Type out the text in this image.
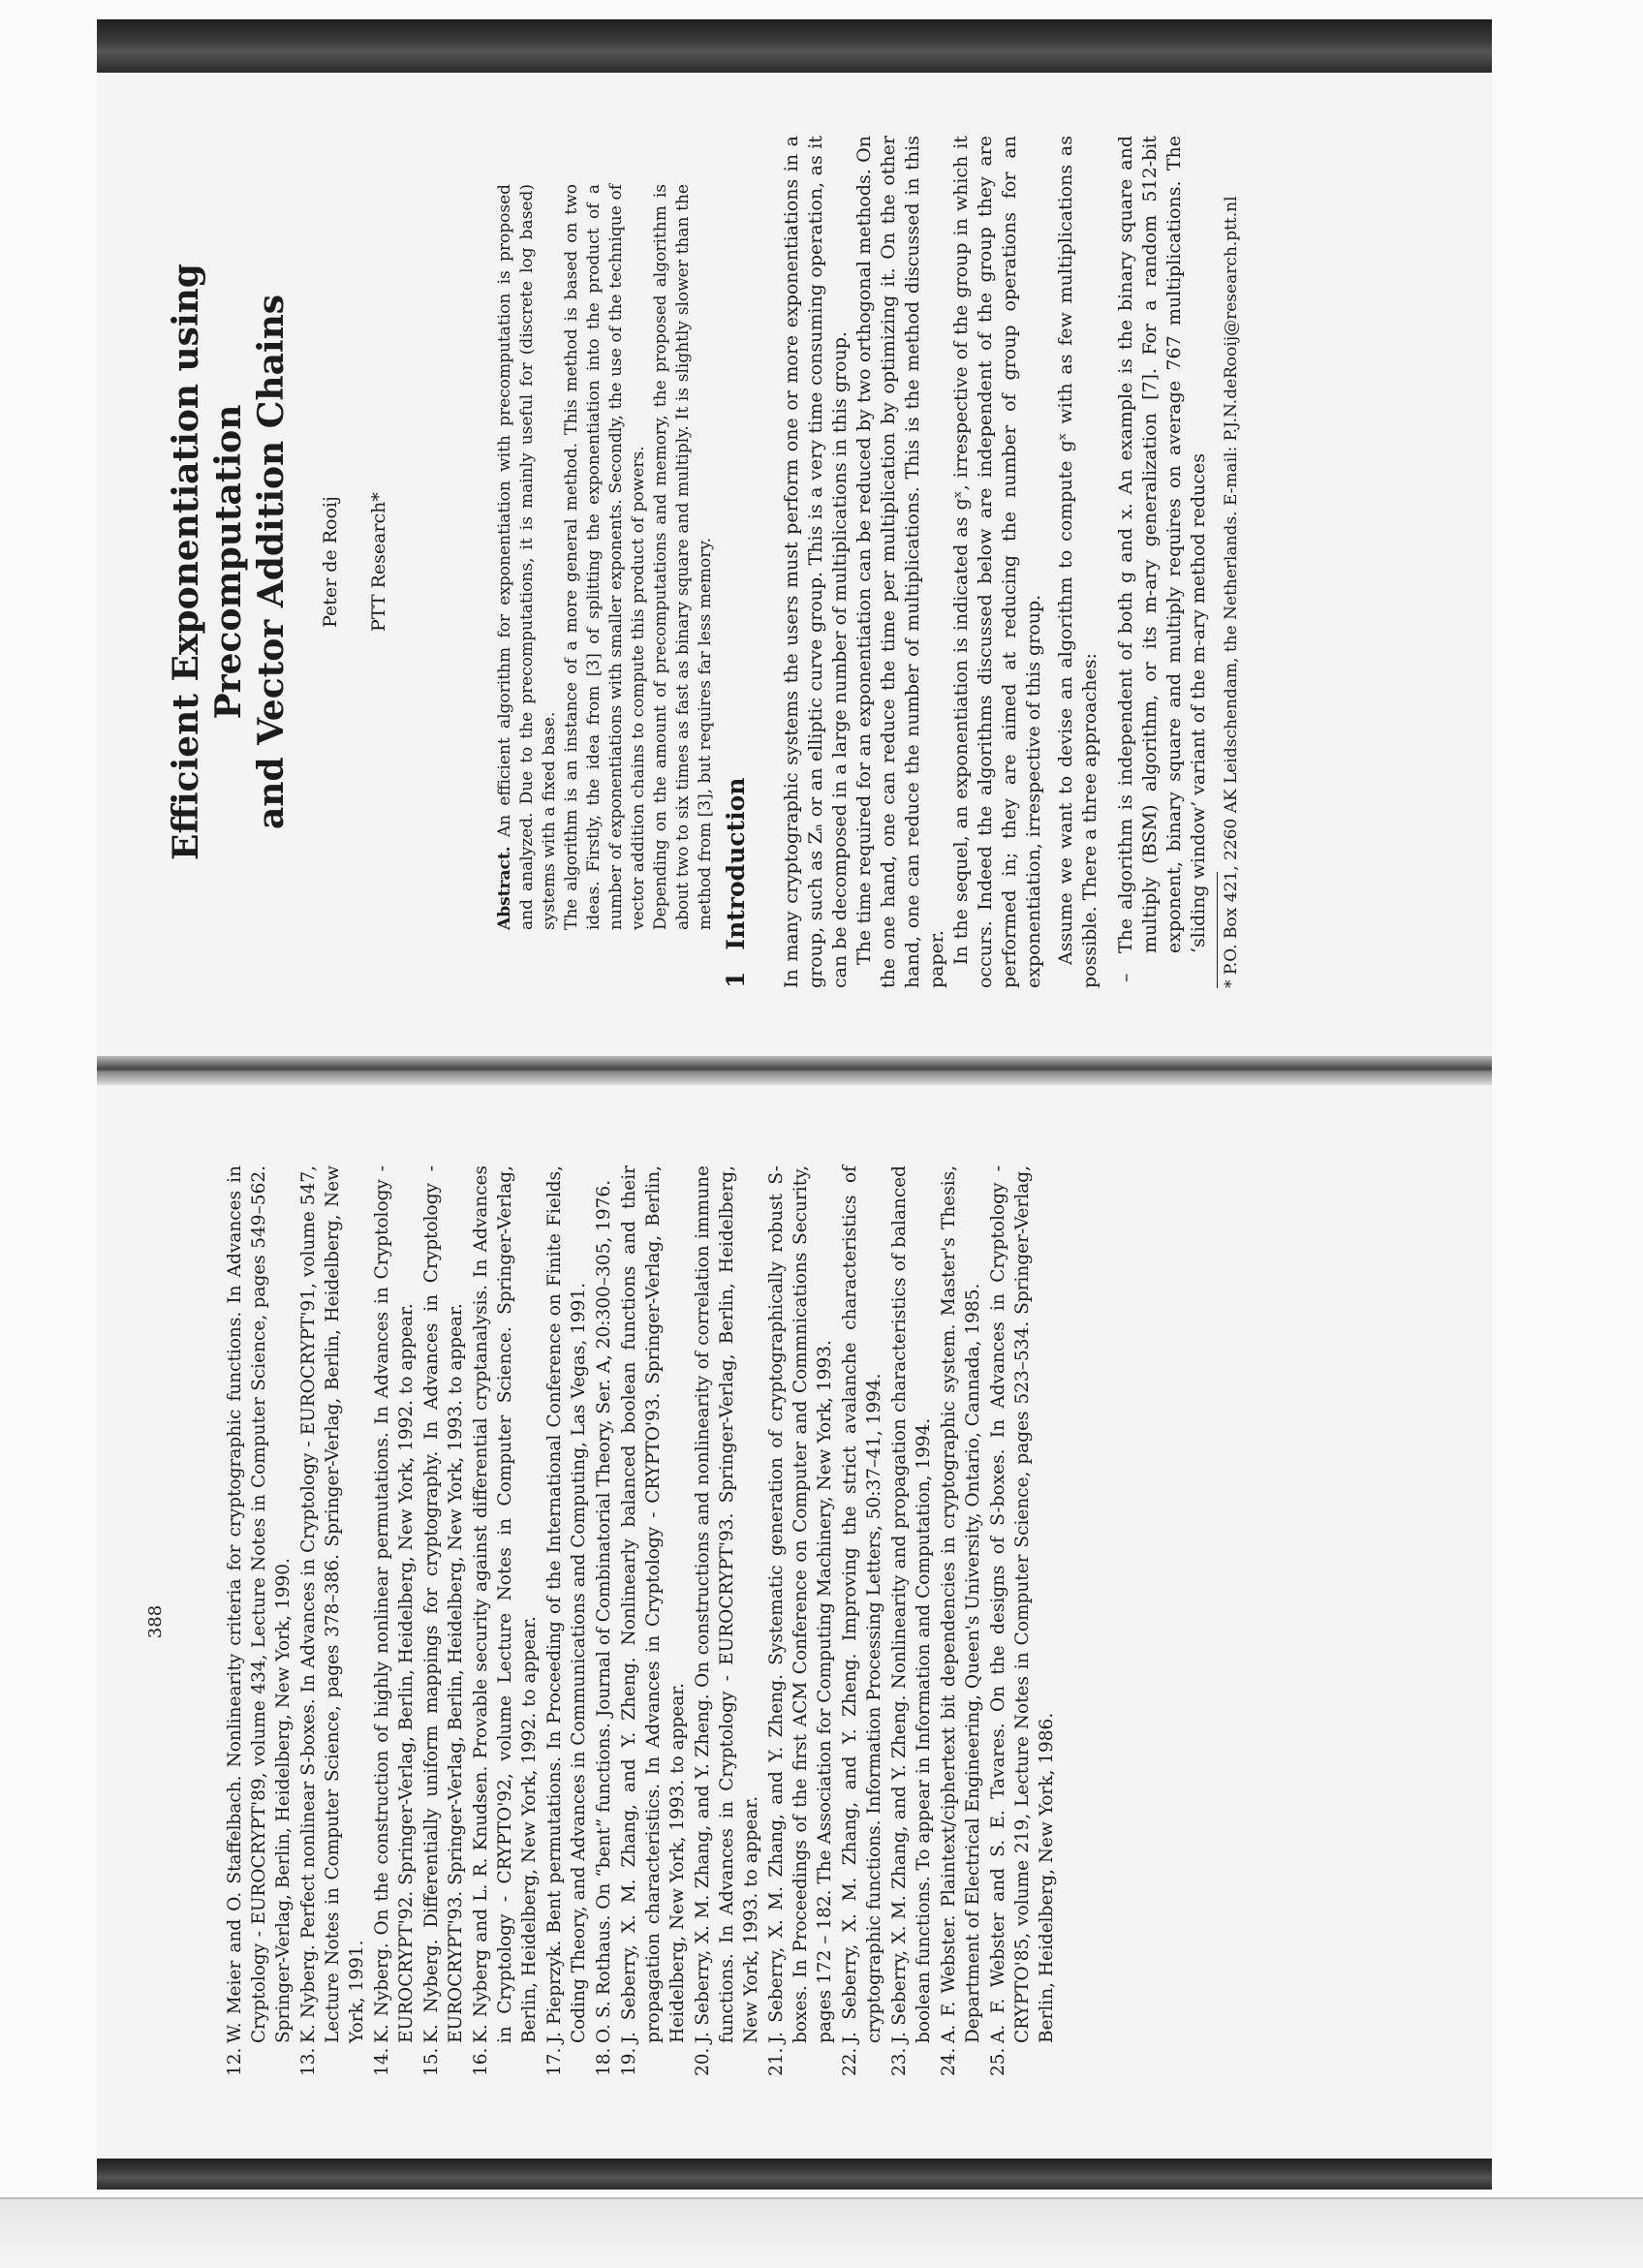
388
12.
W. Meier and O. Staffelbach. Nonlinearity criteria for cryptographic functions. In Advances in Cryptology - EUROCRYPT'89, volume 434, Lecture Notes in Computer Science, pages 549–562. Springer-Verlag, Berlin, Heidelberg, New York, 1990.
13.
K. Nyberg. Perfect nonlinear S-boxes. In Advances in Cryptology - EUROCRYPT'91, volume 547, Lecture Notes in Computer Science, pages 378–386. Springer-Verlag, Berlin, Heidelberg, New York, 1991.
14.
K. Nyberg. On the construction of highly nonlinear permutations. In Advances in Cryptology - EUROCRYPT'92. Springer-Verlag, Berlin, Heidelberg, New York, 1992. to appear.
15.
K. Nyberg. Differentially uniform mappings for cryptography. In Advances in Cryptology - EUROCRYPT'93. Springer-Verlag, Berlin, Heidelberg, New York, 1993. to appear.
16.
K. Nyberg and L. R. Knudsen. Provable security against differential cryptanalysis. In Advances in Cryptology - CRYPTO'92, volume Lecture Notes in Computer Science. Springer-Verlag, Berlin, Heidelberg, New York, 1992. to appear.
17.
J. Pieprzyk. Bent permutations. In Proceeding of the International Conference on Finite Fields, Coding Theory, and Advances in Communications and Computing, Las Vegas, 1991.
18.
O. S. Rothaus. On “bent” functions. Journal of Combinatorial Theory, Ser. A, 20:300–305, 1976.
19.
J. Seberry, X. M. Zhang, and Y. Zheng. Nonlinearly balanced boolean functions and their propagation characteristics. In Advances in Cryptology - CRYPTO'93. Springer-Verlag, Berlin, Heidelberg, New York, 1993. to appear.
20.
J. Seberry, X. M. Zhang, and Y. Zheng. On constructions and nonlinearity of correlation immune functions. In Advances in Cryptology - EUROCRYPT'93. Springer-Verlag, Berlin, Heidelberg, New York, 1993. to appear.
21.
J. Seberry, X. M. Zhang, and Y. Zheng. Systematic generation of cryptographically robust S-boxes. In Proceedings of the first ACM Conference on Computer and Commnications Security, pages 172 – 182. The Association for Computing Machinery, New York, 1993.
22.
J. Seberry, X. M. Zhang, and Y. Zheng. Improving the strict avalanche characteristics of cryptographic functions. Information Processing Letters, 50:37–41, 1994.
23.
J. Seberry, X. M. Zhang, and Y. Zheng. Nonlinearity and propagation characteristics of balanced boolean functions. To appear in Information and Computation, 1994.
24.
A. F. Webster. Plaintext/ciphertext bit dependencies in cryptographic system. Master's Thesis, Department of Electrical Engineering, Queen's University, Ontario, Cannada, 1985.
25.
A. F. Webster and S. E. Tavares. On the designs of S-boxes. In Advances in Cryptology - CRYPTO'85, volume 219, Lecture Notes in Computer Science, pages 523–534. Springer-Verlag, Berlin, Heidelberg, New York, 1986.
Efficient Exponentiation using Precomputation
and Vector Addition Chains Peter de Rooij PTT Research*

Abstract. An efficient algorithm for exponentiation with precomputation is proposed and analyzed. Due to the precomputations, it is mainly useful for (discrete log based) systems with a fixed base. The algorithm is an instance of a more general method. This method is based on two ideas. Firstly, the idea from [3] of splitting the exponentiation into the product of a number of exponentiations with smaller exponents. Secondly, the use of the technique of vector addition chains to compute this product of powers. Depending on the amount of precomputations and memory, the proposed algorithm is about two to six times as fast as binary square and multiply. It is slightly slower than the method from [3], but requires far less memory.

1Introduction In many cryptographic systems the users must perform one or more exponentiations in a group, such as Zₙ or an elliptic curve group. This is a very time consuming operation, as it can be decomposed in a large number of multiplications in this group. The time required for an exponentiation can be reduced by two orthogonal methods. On the one hand, one can reduce the time per multiplication by optimizing it. On the other hand, one can reduce the number of multiplications. This is the method discussed in this paper. In the sequel, an exponentiation is indicated as gˣ, irrespective of the group in which it occurs. Indeed the algorithms discussed below are independent of the group they are performed in; they are aimed at reducing the number of group operations for an exponentiation, irrespective of this group. Assume we want to devise an algorithm to compute gˣ with as few multiplications as possible. There a three approaches: –
The algorithm is independent of both g and x. An example is the binary square and multiply (BSM) algorithm, or its m-ary generalization [7]. For a random 512-bit exponent, binary square and multiply requires on average 767 multiplications. The ‘sliding window’ variant of the m-ary method reduces * P.O. Box 421, 2260 AK Leidschendam, the Netherlands. E-mail: P.J.N.deRooij@research.ptt.nl
